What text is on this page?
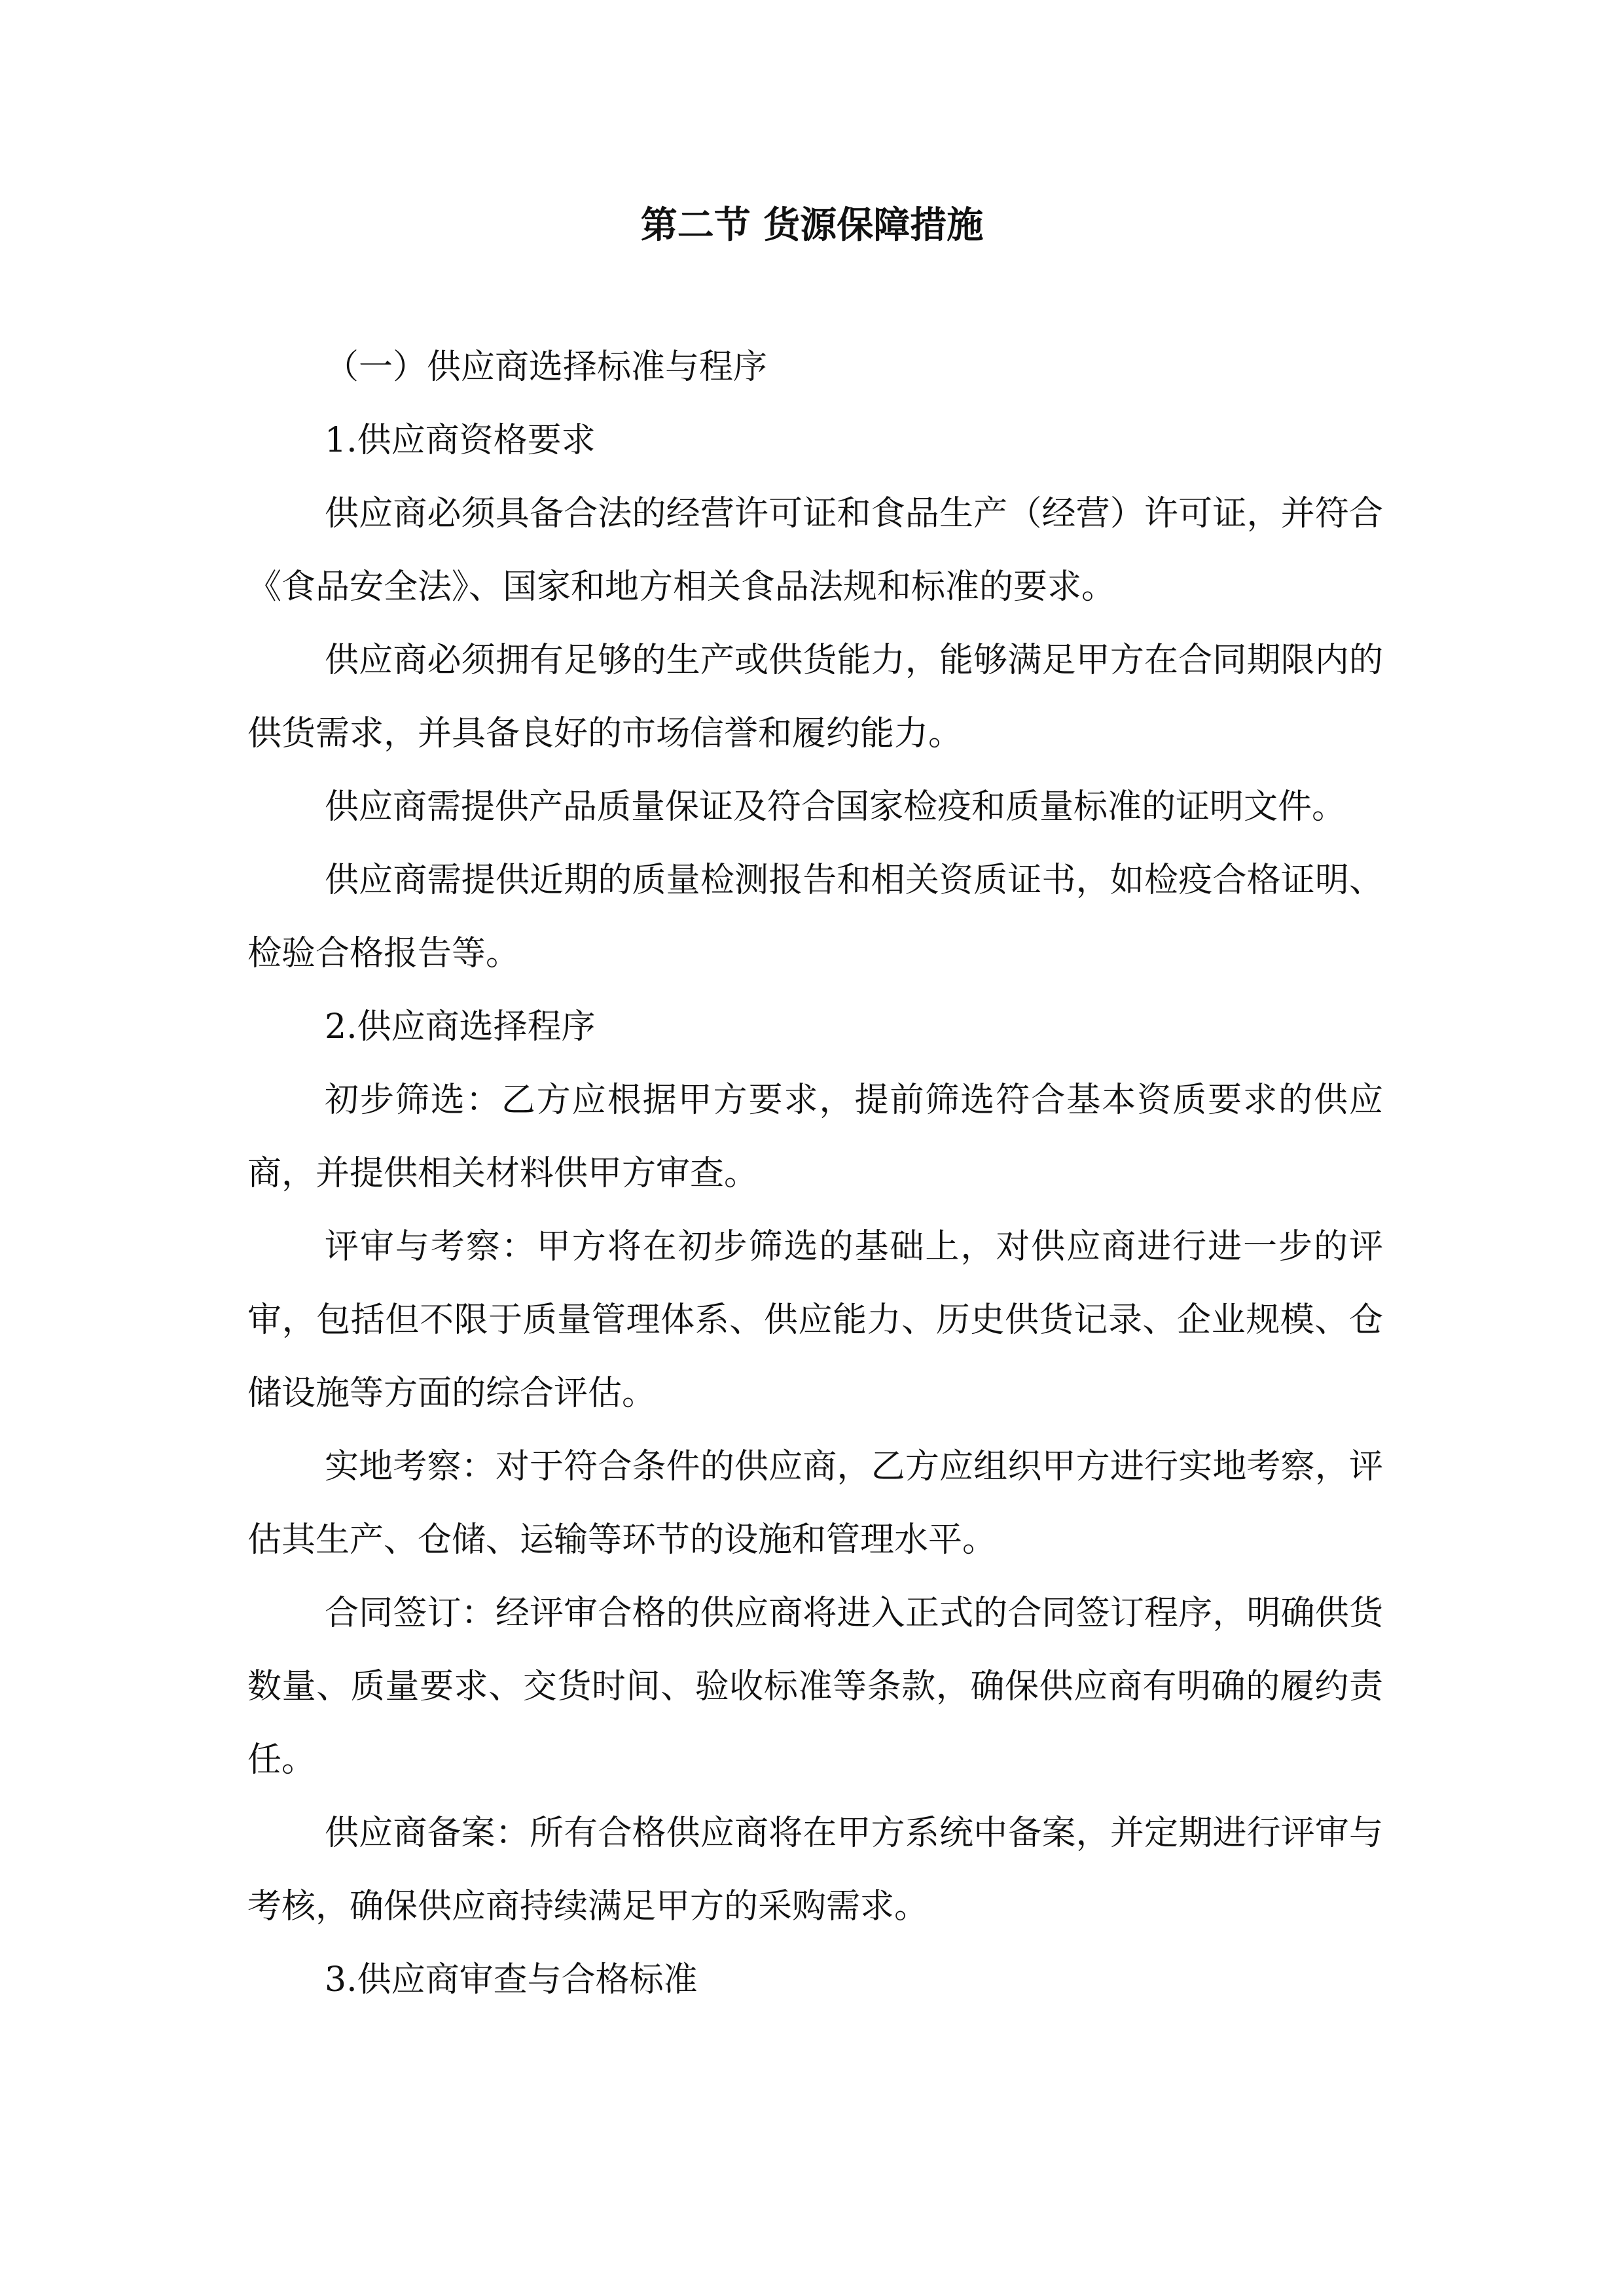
第二节 货源保障措施

（一）供应商选择标准与程序

1.供应商资格要求

供应商必须具备合法的经营许可证和食品生产（经营）许可证，并符合《食品安全法》、国家和地方相关食品法规和标准的要求。

供应商必须拥有足够的生产或供货能力，能够满足甲方在合同期限内的供货需求，并具备良好的市场信誉和履约能力。

供应商需提供产品质量保证及符合国家检疫和质量标准的证明文件。

供应商需提供近期的质量检测报告和相关资质证书，如检疫合格证明、检验合格报告等。

2.供应商选择程序

初步筛选：乙方应根据甲方要求，提前筛选符合基本资质要求的供应商，并提供相关材料供甲方审查。

评审与考察：甲方将在初步筛选的基础上，对供应商进行进一步的评审，包括但不限于质量管理体系、供应能力、历史供货记录、企业规模、仓储设施等方面的综合评估。

实地考察：对于符合条件的供应商，乙方应组织甲方进行实地考察，评估其生产、仓储、运输等环节的设施和管理水平。

合同签订：经评审合格的供应商将进入正式的合同签订程序，明确供货数量、质量要求、交货时间、验收标准等条款，确保供应商有明确的履约责任。

供应商备案：所有合格供应商将在甲方系统中备案，并定期进行评审与考核，确保供应商持续满足甲方的采购需求。

3.供应商审查与合格标准
